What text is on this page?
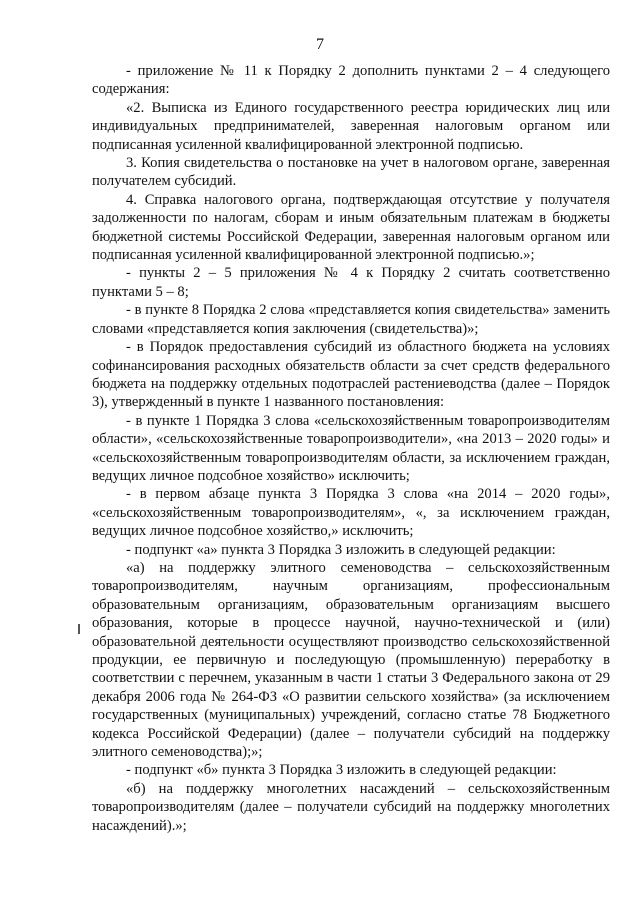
7

- приложение № 11 к Порядку 2 дополнить пунктами 2 – 4 следующего содержания:

«2. Выписка из Единого государственного реестра юридических лиц или индивидуальных предпринимателей, заверенная налоговым органом или подписанная усиленной квалифицированной электронной подписью.

3. Копия свидетельства о постановке на учет в налоговом органе, заверенная получателем субсидий.

4. Справка налогового органа, подтверждающая отсутствие у получателя задолженности по налогам, сборам и иным обязательным платежам в бюджеты бюджетной системы Российской Федерации, заверенная налоговым органом или подписанная усиленной квалифицированной электронной подписью.»;

- пункты 2 – 5 приложения № 4 к Порядку 2 считать соответственно пунктами 5 – 8;

- в пункте 8 Порядка 2 слова «представляется копия свидетельства» заменить словами «представляется копия заключения (свидетельства)»;

- в Порядок предоставления субсидий из областного бюджета на условиях софинансирования расходных обязательств области за счет средств федерального бюджета на поддержку отдельных подотраслей растениеводства (далее – Порядок 3), утвержденный в пункте 1 названного постановления:

- в пункте 1 Порядка 3 слова «сельскохозяйственным товаропроизводителям области», «сельскохозяйственные товаропроизводители», «на 2013 – 2020 годы» и «сельскохозяйственным товаропроизводителям области, за исключением граждан, ведущих личное подсобное хозяйство» исключить;

- в первом абзаце пункта 3 Порядка 3 слова «на 2014 – 2020 годы», «сельскохозяйственным товаропроизводителям», «, за исключением граждан, ведущих личное подсобное хозяйство,» исключить;

- подпункт «а» пункта 3 Порядка 3 изложить в следующей редакции:

«а) на поддержку элитного семеноводства – сельскохозяйственным товаропроизводителям, научным организациям, профессиональным образовательным организациям, образовательным организациям высшего образования, которые в процессе научной, научно-технической и (или) образовательной деятельности осуществляют производство сельскохозяйственной продукции, ее первичную и последующую (промышленную) переработку в соответствии с перечнем, указанным в части 1 статьи 3 Федерального закона от 29 декабря 2006 года № 264-ФЗ «О развитии сельского хозяйства» (за исключением государственных (муниципальных) учреждений, согласно статье 78 Бюджетного кодекса Российской Федерации) (далее – получатели субсидий на поддержку элитного семеноводства);»;

- подпункт «б» пункта 3 Порядка 3 изложить в следующей редакции:

«б) на поддержку многолетних насаждений – сельскохозяйственным товаропроизводителям (далее – получатели субсидий на поддержку многолетних насаждений).»;
